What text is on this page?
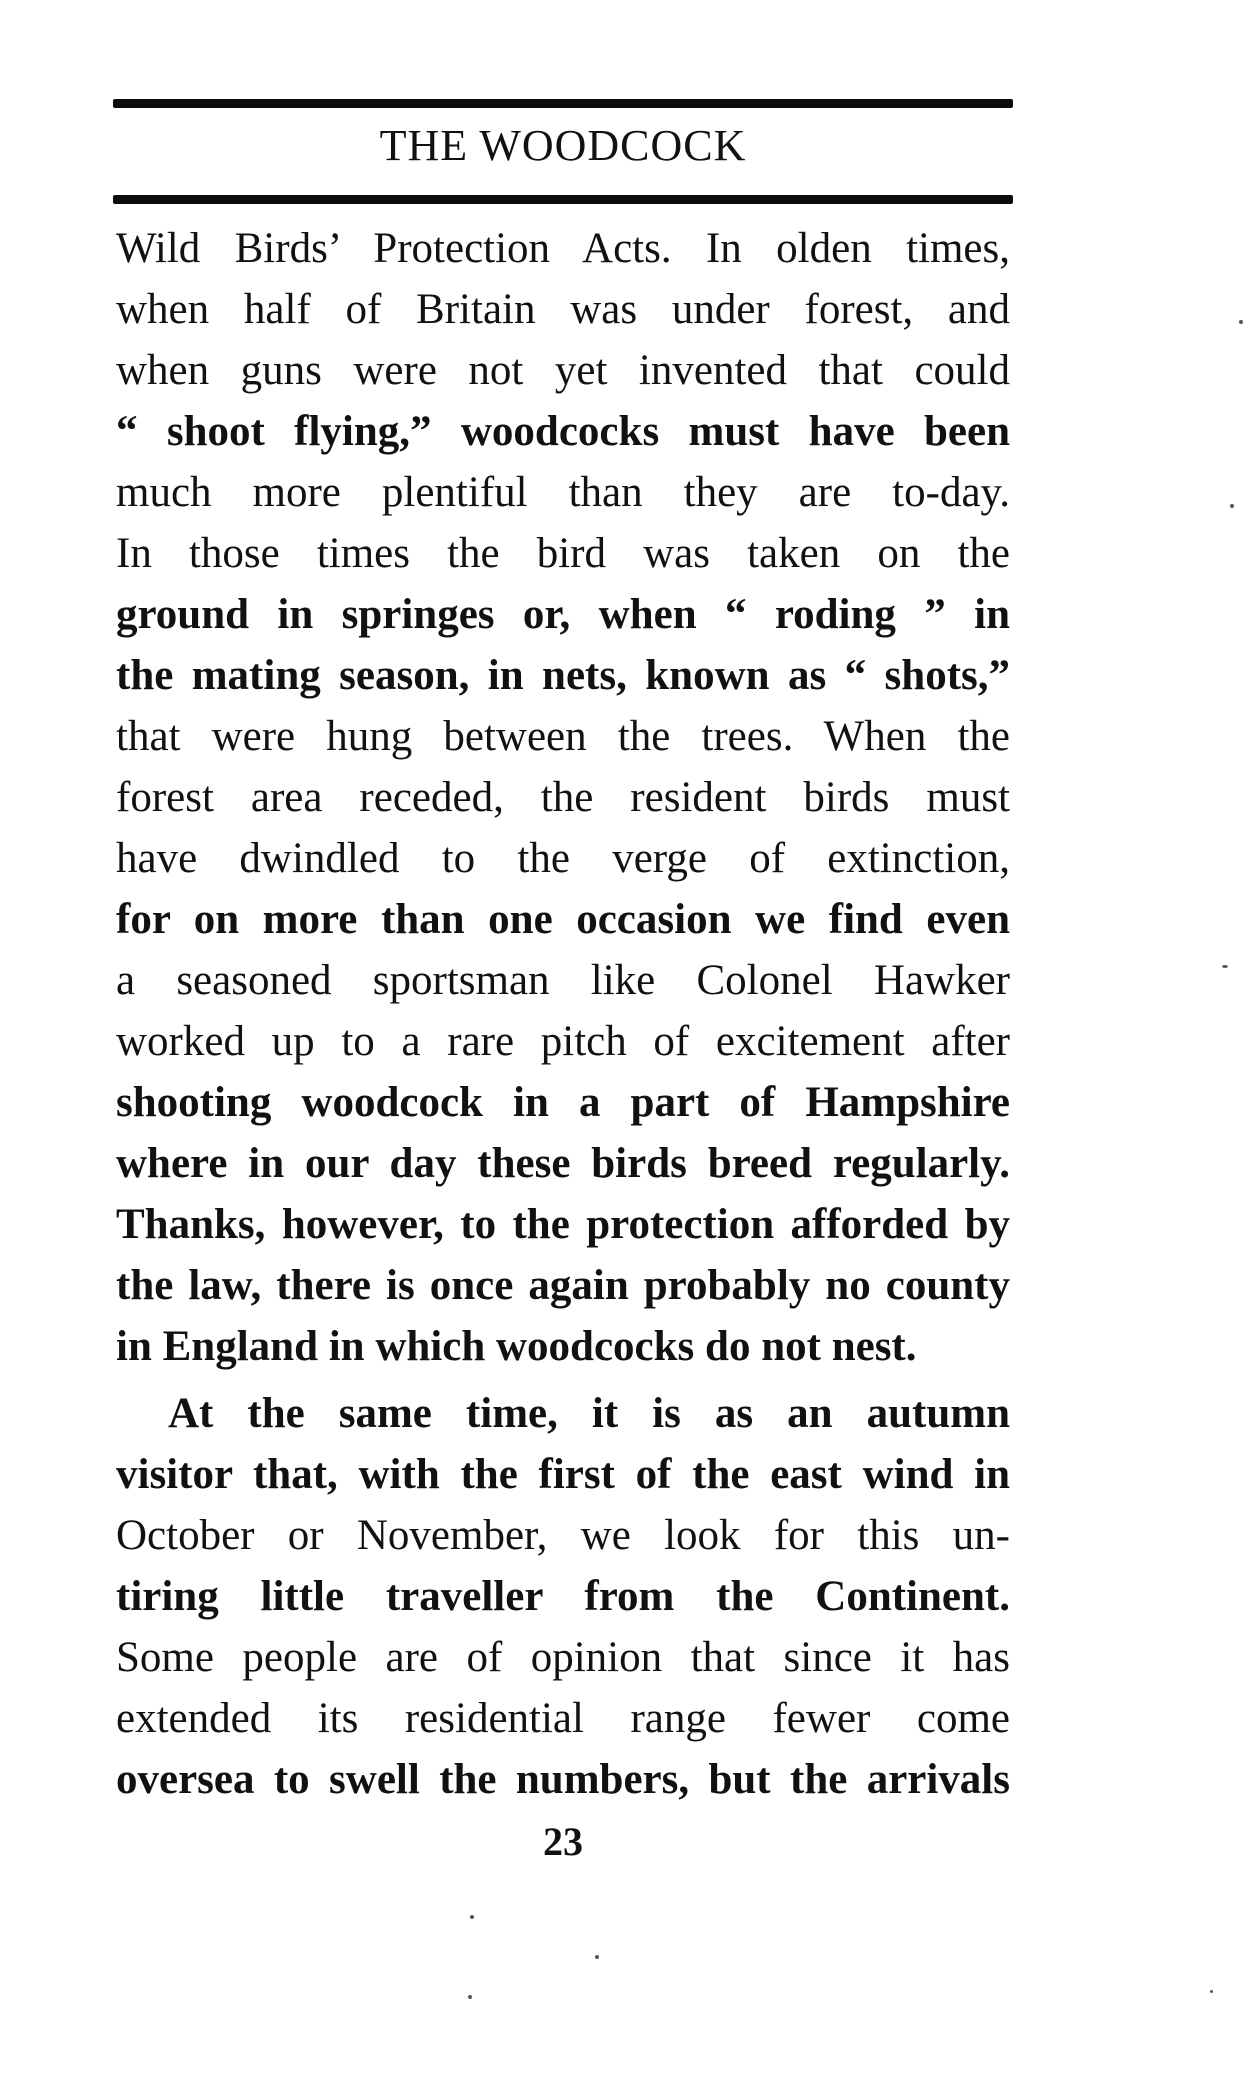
THE WOODCOCK
Wild Birds’ Protection Acts. In olden times,
when half of Britain was under forest, and
when guns were not yet invented that could
“ shoot flying,” woodcocks must have been
much more plentiful than they are to-day.
In those times the bird was taken on the
ground in springes or, when “ roding ” in
the mating season, in nets, known as “ shots,”
that were hung between the trees. When the
forest area receded, the resident birds must
have dwindled to the verge of extinction,
for on more than one occasion we find even
a seasoned sportsman like Colonel Hawker
worked up to a rare pitch of excitement after
shooting woodcock in a part of Hampshire
where in our day these birds breed regularly.
Thanks, however, to the protection afforded by
the law, there is once again probably no county
in England in which woodcocks do not nest.
At the same time, it is as an autumn
visitor that, with the first of the east wind in
October or November, we look for this un-
tiring little traveller from the Continent.
Some people are of opinion that since it has
extended its residential range fewer come
oversea to swell the numbers, but the arrivals
23
